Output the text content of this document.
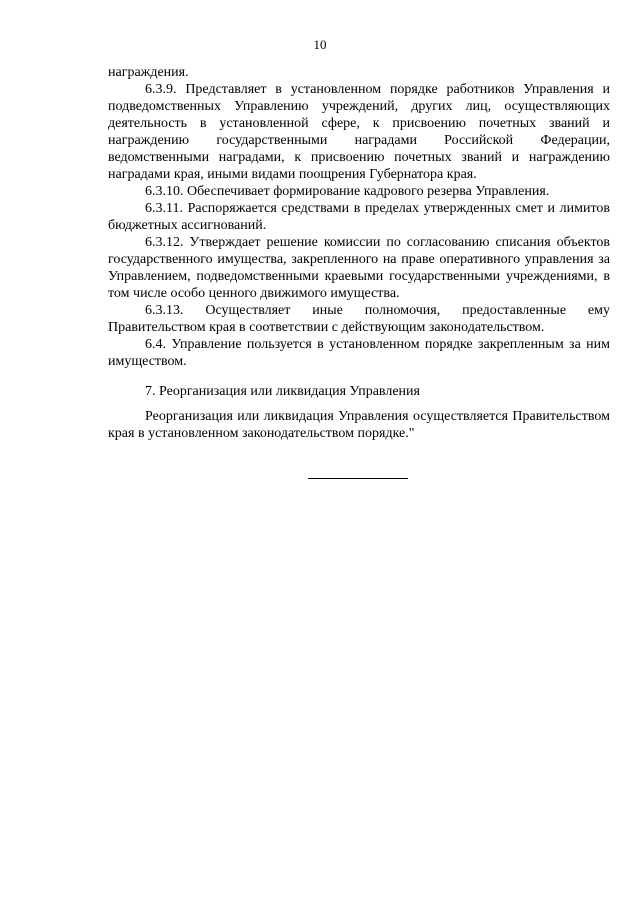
10

награждения.

6.3.9. Представляет в установленном порядке работников Управления и подведомственных Управлению учреждений, других лиц, осуществляющих деятельность в установленной сфере, к присвоению почетных званий и награждению государственными наградами Российской Федерации, ведомственными наградами, к присвоению почетных званий и награждению наградами края, иными видами поощрения Губернатора края.

6.3.10. Обеспечивает формирование кадрового резерва Управления.

6.3.11. Распоряжается средствами в пределах утвержденных смет и лимитов бюджетных ассигнований.

6.3.12. Утверждает решение комиссии по согласованию списания объектов государственного имущества, закрепленного на праве оперативного управления за Управлением, подведомственными краевыми государственными учреждениями, в том числе особо ценного движимого имущества.

6.3.13. Осуществляет иные полномочия, предоставленные ему Правительством края в соответствии с действующим законодательством.

6.4. Управление пользуется в установленном порядке закрепленным за ним имуществом.

7. Реорганизация или ликвидация Управления

Реорганизация или ликвидация Управления осуществляется Правительством края в установленном законодательством порядке."
